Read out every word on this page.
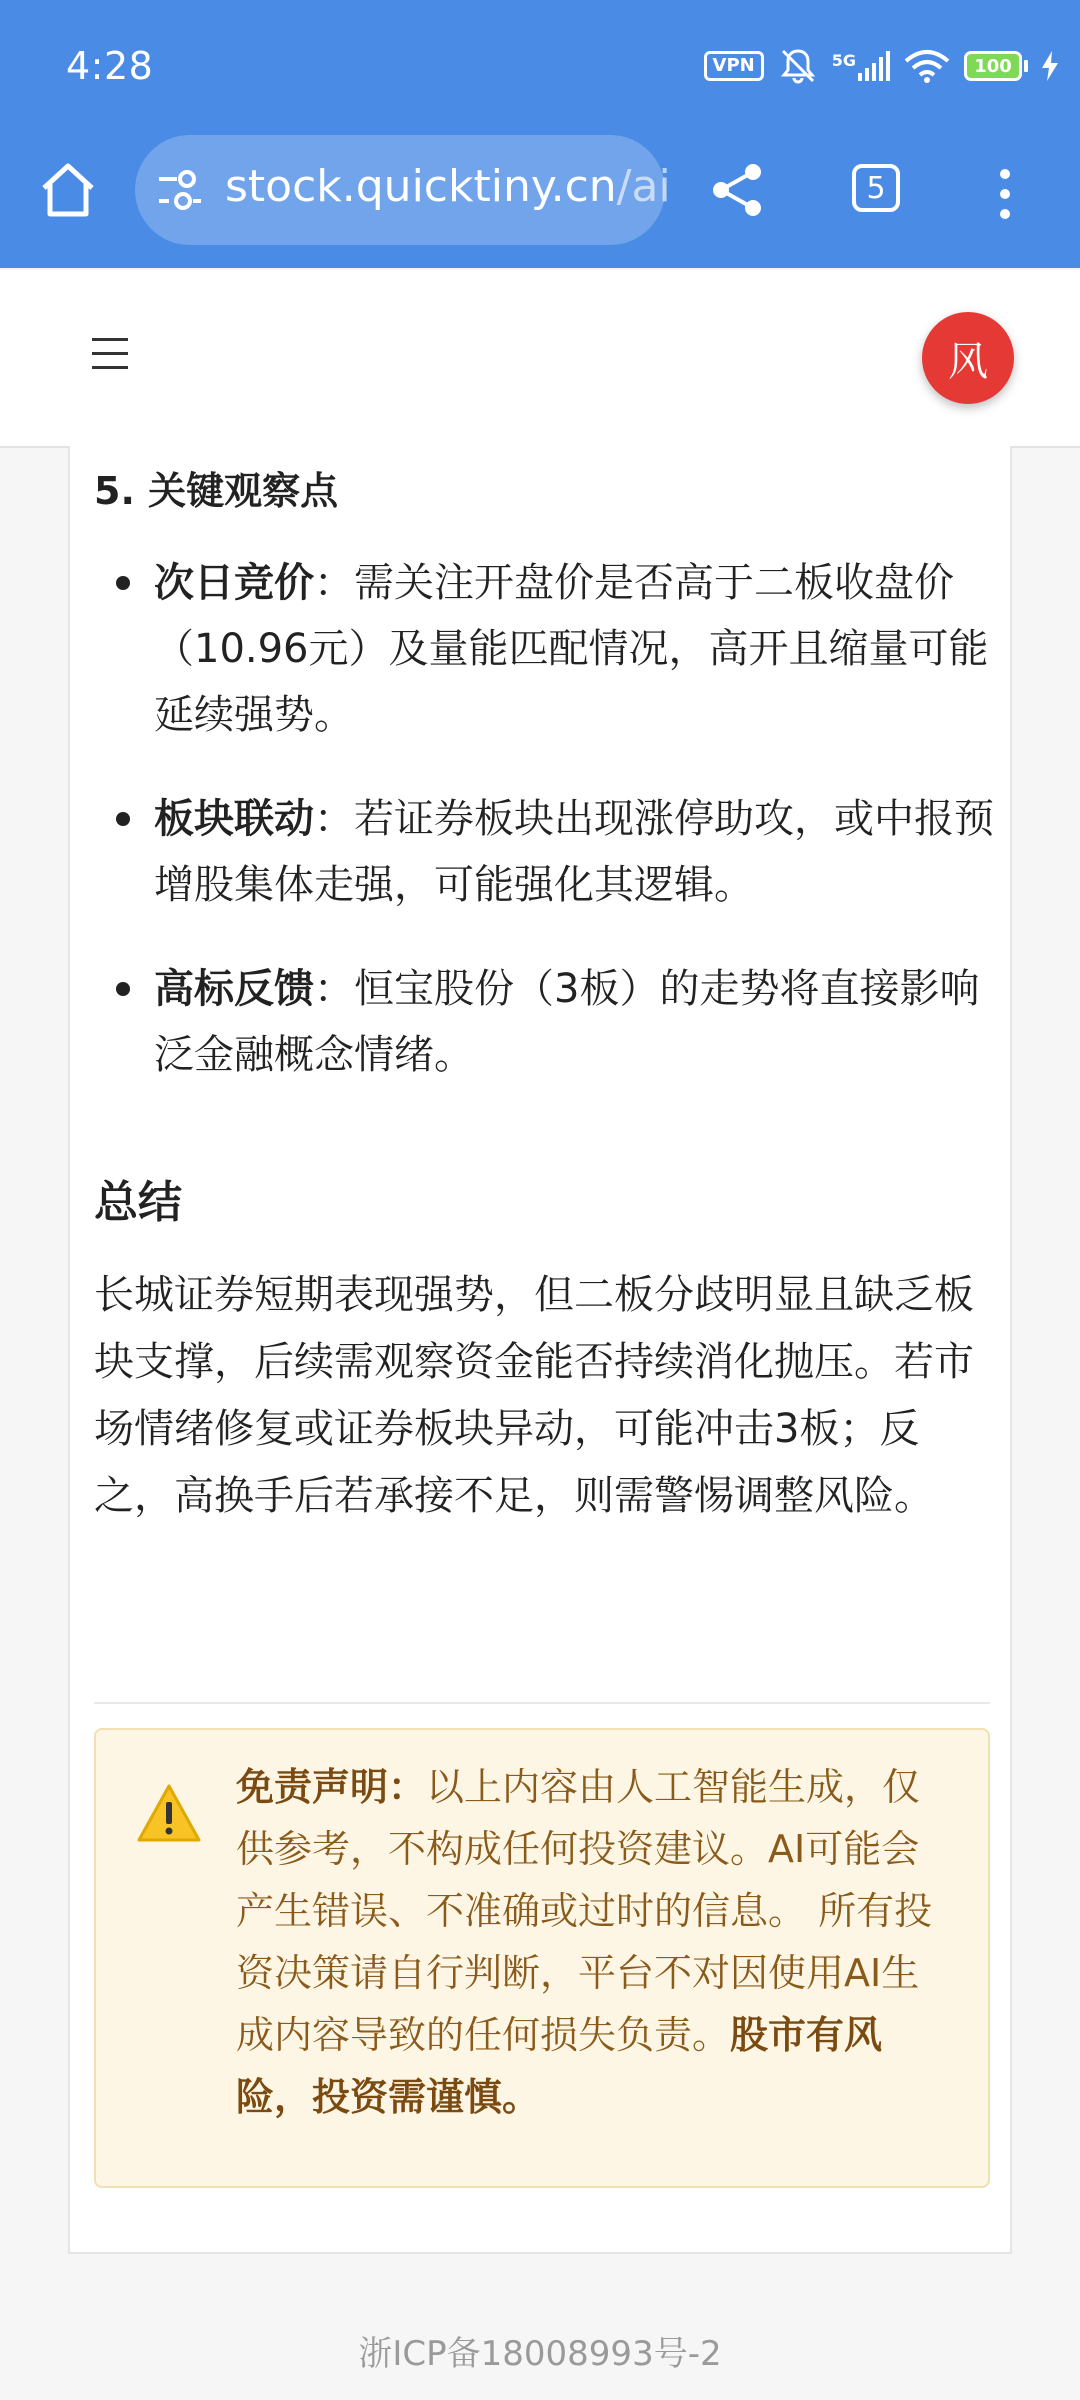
4:28	VPN	5G	100
stock.quicktiny.cn/ai	5
风
5. 关键观察点
次日竞价：需关注开盘价是否高于二板收盘价（10.96元）及量能匹配情况，高开且缩量可能延续强势。
板块联动：若证券板块出现涨停助攻，或中报预增股集体走强，可能强化其逻辑。
高标反馈：恒宝股份（3板）的走势将直接影响泛金融概念情绪。
总结
长城证券短期表现强势，但二板分歧明显且缺乏板块支撑，后续需观察资金能否持续消化抛压。若市场情绪修复或证券板块异动，可能冲击3板；反之，高换手后若承接不足，则需警惕调整风险。
免责声明：以上内容由人工智能生成，仅供参考，不构成任何投资建议。AI可能会产生错误、不准确或过时的信息。 所有投资决策请自行判断，平台不对因使用AI生成内容导致的任何损失负责。股市有风险，投资需谨慎。
浙ICP备18008993号-2
